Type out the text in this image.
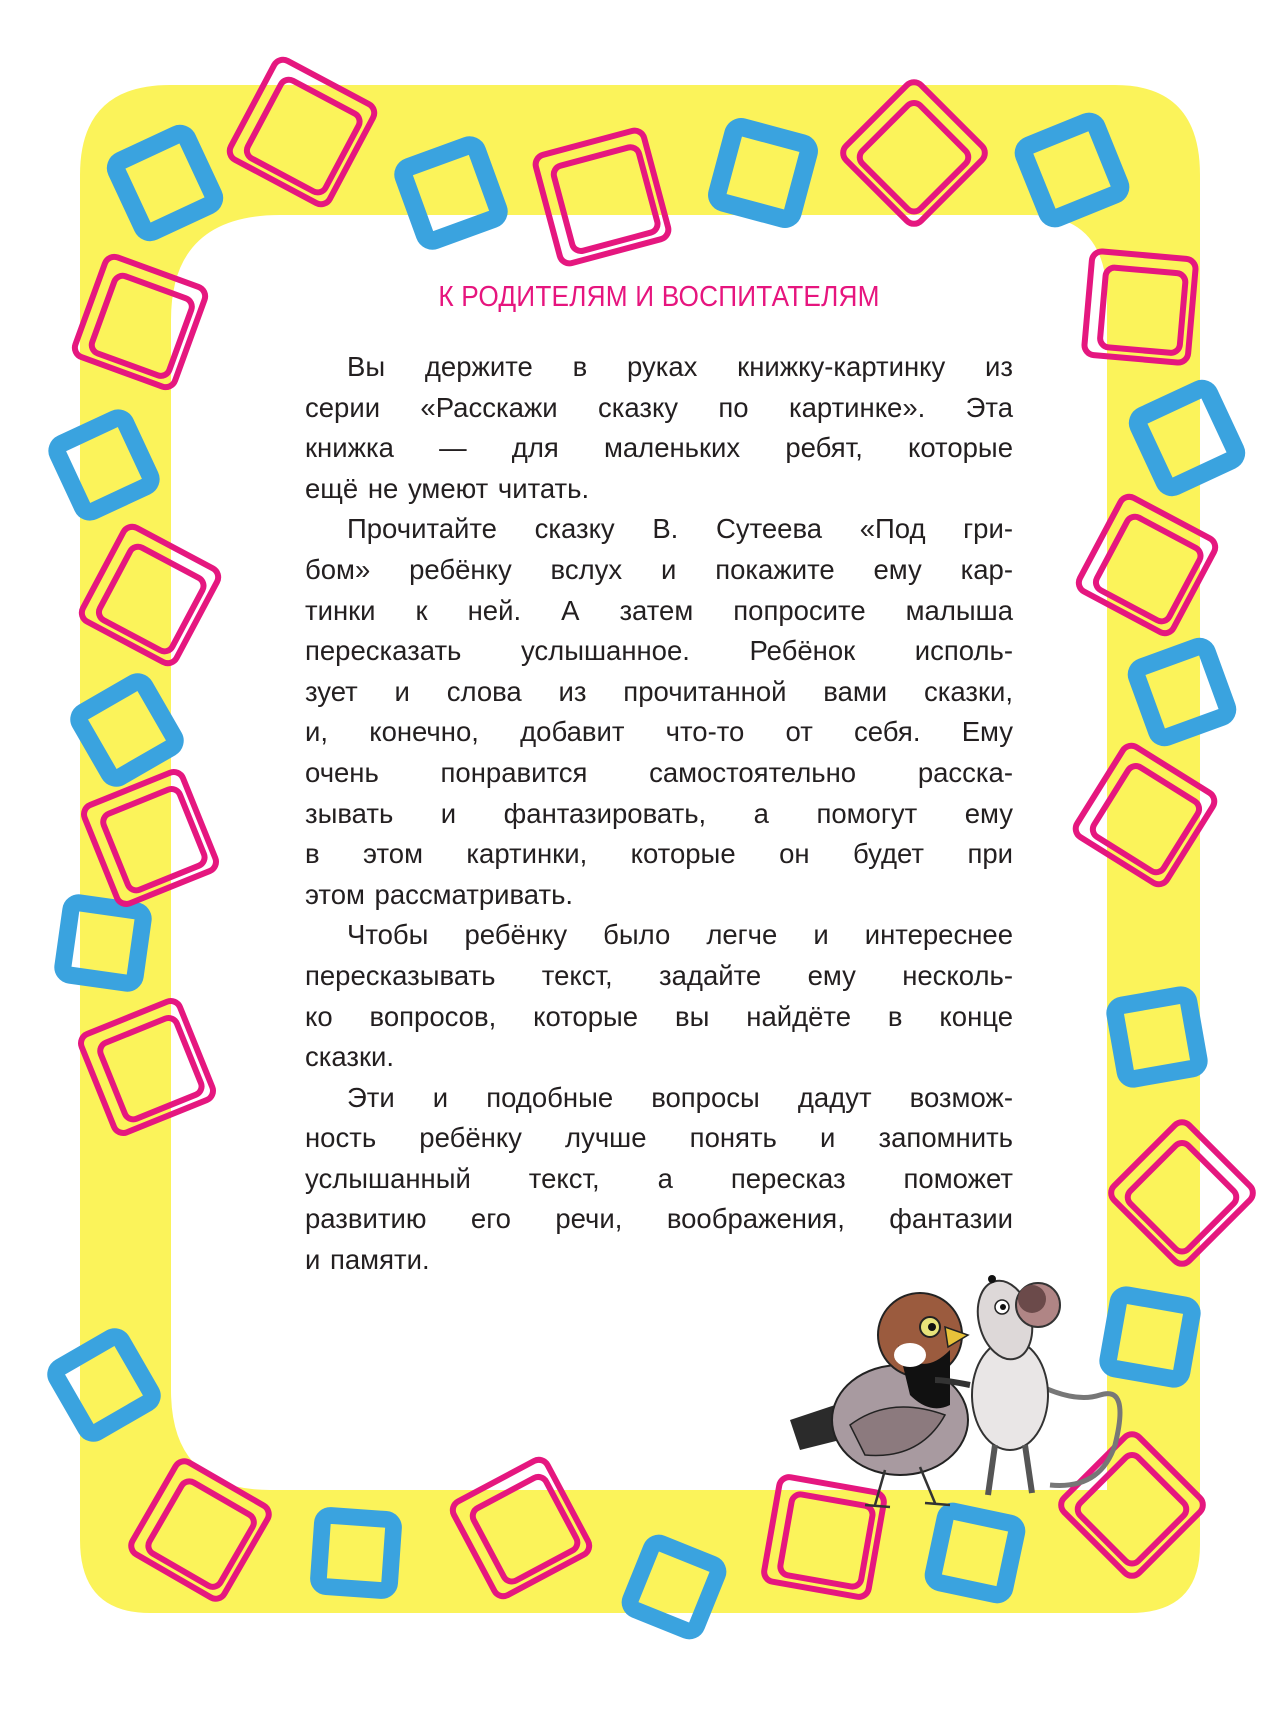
К РОДИТЕЛЯМ И ВОСПИТАТЕЛЯМ
Вы держите в руках книжку-картинку из
серии «Расскажи сказку по картинке». Эта
книжка — для маленьких ребят, которые
ещё не умеют читать.
Прочитайте сказку В. Сутеева «Под гри-
бом» ребёнку вслух и покажите ему кар-
тинки к ней. А затем попросите малыша
пересказать услышанное. Ребёнок исполь-
зует и слова из прочитанной вами сказки,
и, конечно, добавит что-то от себя. Ему
очень понравится самостоятельно расска-
зывать и фантазировать, а помогут ему
в этом картинки, которые он будет при
этом рассматривать.
Чтобы ребёнку было легче и интереснее
пересказывать текст, задайте ему несколь-
ко вопросов, которые вы найдёте в конце
сказки.
Эти и подобные вопросы дадут возмож-
ность ребёнку лучше понять и запомнить
услышанный текст, а пересказ поможет
развитию его речи, воображения, фантазии
и памяти.
